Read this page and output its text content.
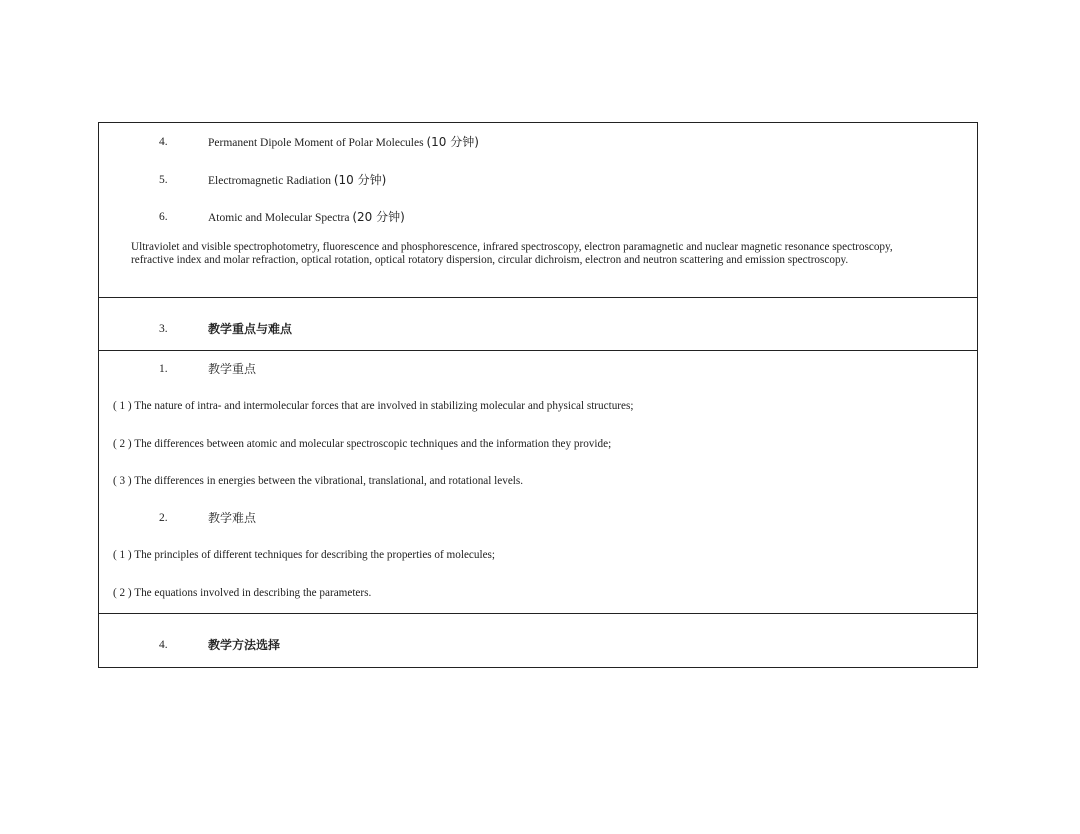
4.	Permanent Dipole Moment of Polar Molecules (10 分钟)
5.	Electromagnetic Radiation (10 分钟)
6.	Atomic and Molecular Spectra (20 分钟)
Ultraviolet and visible spectrophotometry, fluorescence and phosphorescence, infrared spectroscopy, electron paramagnetic and nuclear magnetic resonance spectroscopy, refractive index and molar refraction, optical rotation, optical rotatory dispersion, circular dichroism, electron and neutron scattering and emission spectroscopy.
3.	教学重点与难点
1.	教学重点
( 1 ) The nature of intra- and intermolecular forces that are involved in stabilizing molecular and physical structures;
( 2 ) The differences between atomic and molecular spectroscopic techniques and the information they provide;
( 3 ) The differences in energies between the vibrational, translational, and rotational levels.
2.	教学难点
( 1 ) The principles of different techniques for describing the properties of molecules;
( 2 ) The equations involved in describing the parameters.
4.	教学方法选择
